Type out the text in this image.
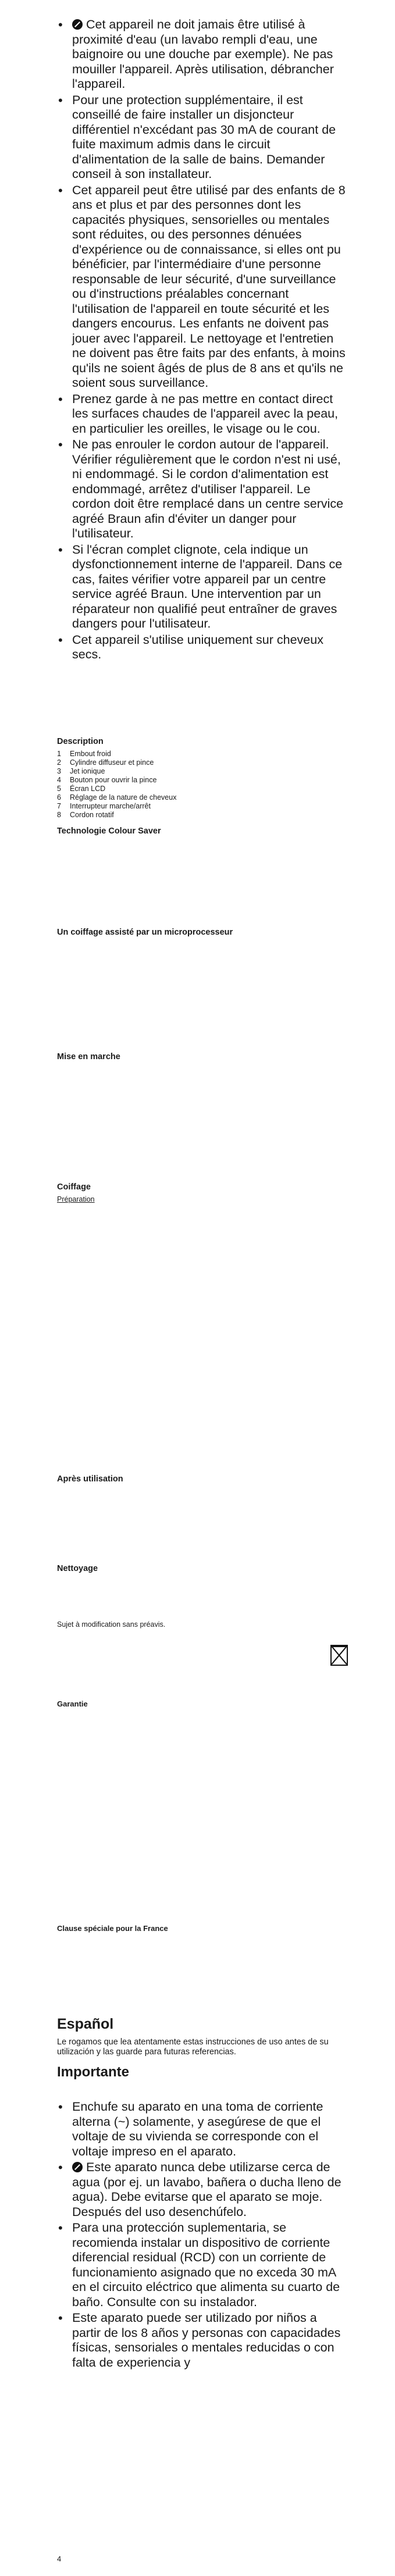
• Cet appareil ne doit jamais être utilisé à proximité d'eau (un lavabo rempli d'eau, une baignoire ou une douche par exemple). Ne pas mouiller l'appareil. Après utilisation, débrancher l'appareil.
• Pour une protection supplémentaire, il est conseillé de faire installer un disjoncteur différentiel n'excédant pas 30 mA de courant de fuite maximum admis dans le circuit d'alimentation de la salle de bains. Demander conseil à son installateur.
• Cet appareil peut être utilisé par des enfants de 8 ans et plus et par des personnes dont les capacités physiques, sensorielles ou mentales sont réduites, ou des personnes dénuées d'expérience ou de connaissance, si elles ont pu bénéficier, par l'intermédiaire d'une personne responsable de leur sécurité, d'une surveillance ou d'instructions préalables concernant l'utilisation de l'appareil en toute sécurité et les dangers encourus. Les enfants ne doivent pas jouer avec l'appareil. Le nettoyage et l'entretien ne doivent pas être faits par des enfants, à moins qu'ils ne soient âgés de plus de 8 ans et qu'ils ne soient sous surveillance.
• Prenez garde à ne pas mettre en contact direct les surfaces chaudes de l'appareil avec la peau, en particulier les oreilles, le visage ou le cou.
• Ne pas enrouler le cordon autour de l'appareil. Vérifier régulièrement que le cordon n'est ni usé, ni endommagé. Si le cordon d'alimentation est endommagé, arrêtez d'utiliser l'appareil. Le cordon doit être remplacé dans un centre service agréé Braun afin d'éviter un danger pour l'utilisateur.
• Si l'écran complet clignote, cela indique un dysfonctionnement interne de l'appareil. Dans ce cas, faites vérifier votre appareil par un centre service agréé Braun. Une intervention par un réparateur non qualifié peut entraîner de graves dangers pour l'utilisateur.
• Cet appareil s'utilise uniquement sur cheveux secs.
Description
1 Embout froid
2 Cylindre diffuseur et pince
3 Jet ionique
4 Bouton pour ouvrir la pince
5 Écran LCD
6 Réglage de la nature de cheveux
7 Interrupteur marche/arrêt
8 Cordon rotatif
Technologie Colour Saver
Un coiffage assisté par un microprocesseur
Mise en marche
Coiffage

Préparation

Après utilisation
Nettoyage

Sujet à modification sans préavis.

Garantie
Clause spéciale pour la France
Español

Le rogamos que lea atentamente estas instrucciones de uso antes de su utilización y las guarde para futuras referencias.

Importante
• Enchufe su aparato en una toma de corriente alterna (~) solamente, y asegúrese de que el voltaje de su vivienda se corresponde con el voltaje impreso en el aparato.
• Este aparato nunca debe utilizarse cerca de agua (por ej. un lavabo, bañera o ducha lleno de agua). Debe evitarse que el aparato se moje. Después del uso desenchúfelo.
• Para una protección suplementaria, se recomienda instalar un dispositivo de corriente diferencial residual (RCD) con un corriente de funcionamiento asignado que no exceda 30 mA en el circuito eléctrico que alimenta su cuarto de baño. Consulte con su instalador.
• Este aparato puede ser utilizado por niños a partir de los 8 años y personas con capacidades físicas, sensoriales o mentales reducidas o con falta de experiencia y
4
